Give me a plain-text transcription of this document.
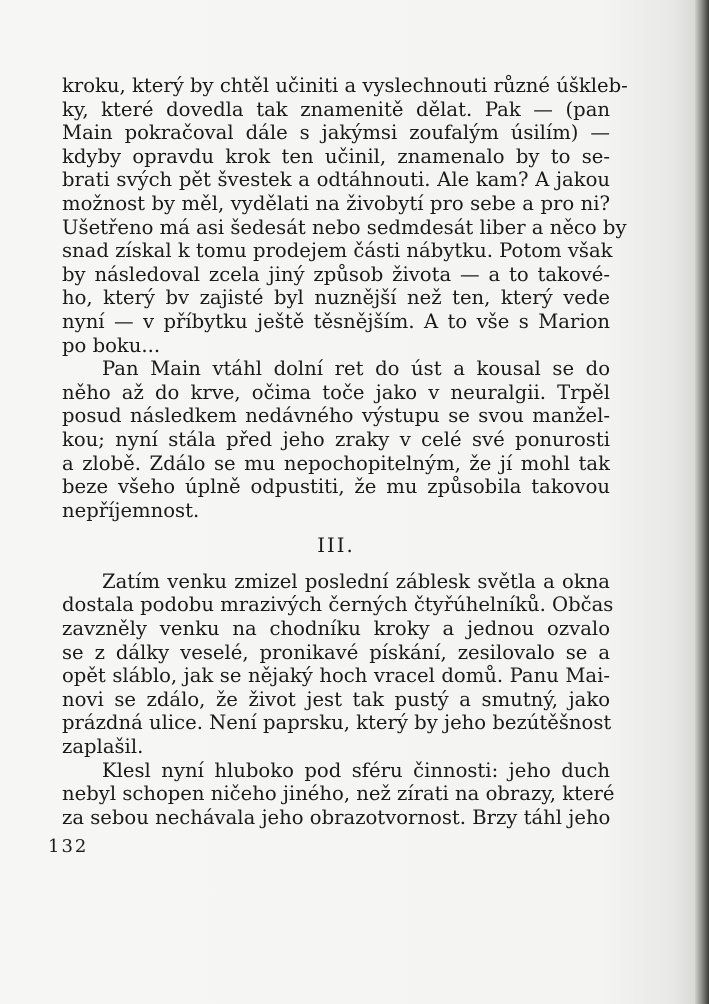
kroku, který by chtěl učiniti a vyslechnouti různé úškleb-
ky, které dovedla tak znamenitě dělat. Pak — (pan
Main pokračoval dále s jakýmsi zoufalým úsilím) —
kdyby opravdu krok ten učinil, znamenalo by to se-
brati svých pět švestek a odtáhnouti. Ale kam? A jakou
možnost by měl, vydělati na živobytí pro sebe a pro ni?
Ušetřeno má asi šedesát nebo sedmdesát liber a něco by
snad získal k tomu prodejem části nábytku. Potom však
by následoval zcela jiný způsob života — a to takové-
ho, který bv zajisté byl nuznější než ten, který vede
nyní — v příbytku ještě těsnějším. A to vše s Marion
po boku...
Pan Main vtáhl dolní ret do úst a kousal se do
něho až do krve, očima toče jako v neuralgii. Trpěl
posud následkem nedávného výstupu se svou manžel-
kou; nyní stála před jeho zraky v celé své ponurosti
a zlobě. Zdálo se mu nepochopitelným, že jí mohl tak
beze všeho úplně odpustiti, že mu způsobila takovou
nepříjemnost.
III.
Zatím venku zmizel poslední záblesk světla a okna
dostala podobu mrazivých černých čtyřúhelníků. Občas
zavzněly venku na chodníku kroky a jednou ozvalo
se z dálky veselé, pronikavé pískání, zesilovalo se a
opět sláblo, jak se nějaký hoch vracel domů. Panu Mai-
novi se zdálo, že život jest tak pustý a smutný, jako
prázdná ulice. Není paprsku, který by jeho bezútěšnost
zaplašil.
Klesl nyní hluboko pod sféru činnosti: jeho duch
nebyl schopen ničeho jiného, než zírati na obrazy, které
za sebou nechávala jeho obrazotvornost. Brzy táhl jeho
132
